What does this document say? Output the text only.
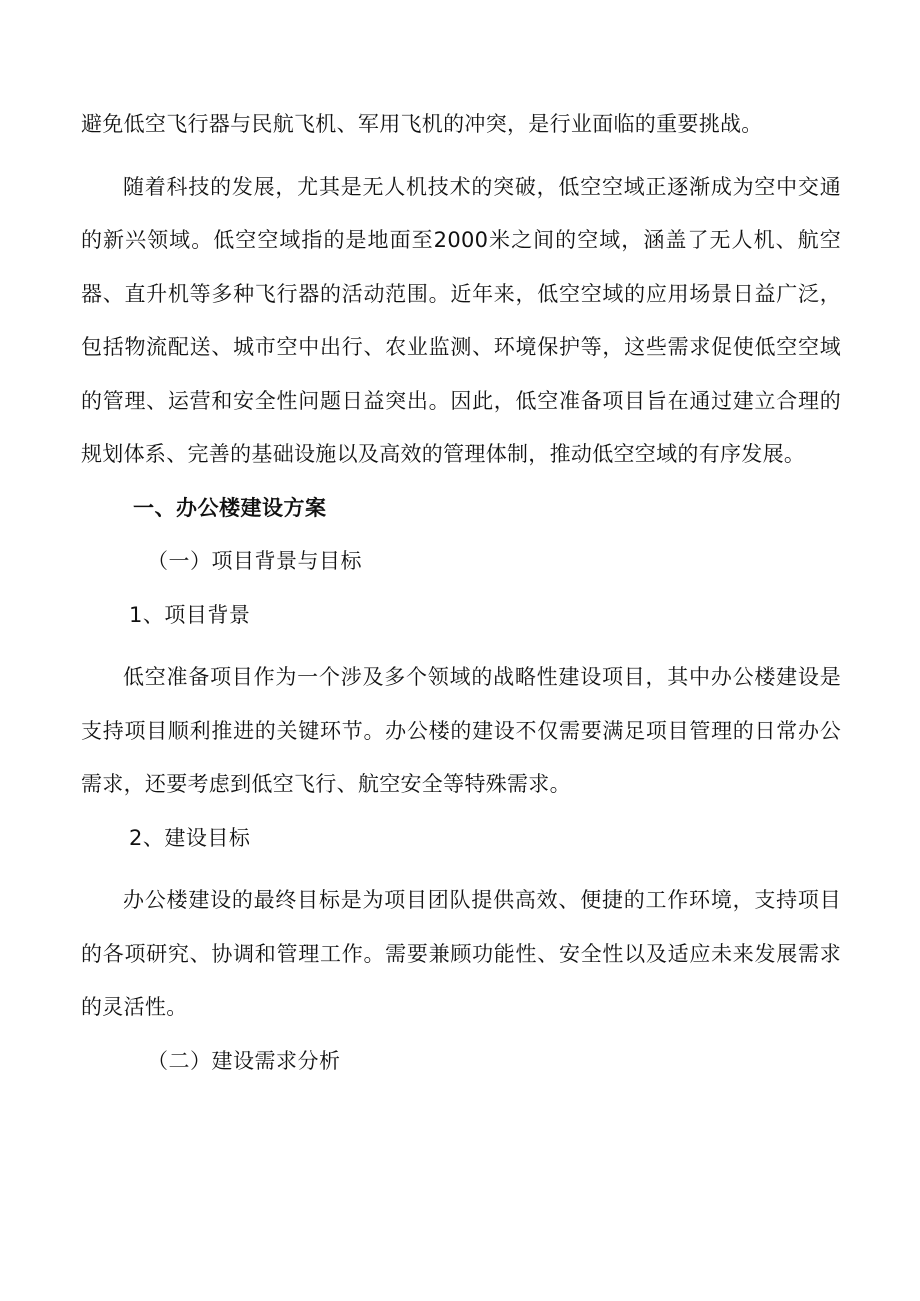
避免低空飞行器与民航飞机、军用飞机的冲突，是行业面临的重要挑战。

随着科技的发展，尤其是无人机技术的突破，低空空域正逐渐成为空中交通的新兴领域。低空空域指的是地面至2000米之间的空域，涵盖了无人机、航空器、直升机等多种飞行器的活动范围。近年来，低空空域的应用场景日益广泛，包括物流配送、城市空中出行、农业监测、环境保护等，这些需求促使低空空域的管理、运营和安全性问题日益突出。因此，低空准备项目旨在通过建立合理的规划体系、完善的基础设施以及高效的管理体制，推动低空空域的有序发展。

一、办公楼建设方案

（一）项目背景与目标

1、项目背景

低空准备项目作为一个涉及多个领域的战略性建设项目，其中办公楼建设是支持项目顺利推进的关键环节。办公楼的建设不仅需要满足项目管理的日常办公需求，还要考虑到低空飞行、航空安全等特殊需求。

2、建设目标

办公楼建设的最终目标是为项目团队提供高效、便捷的工作环境，支持项目的各项研究、协调和管理工作。需要兼顾功能性、安全性以及适应未来发展需求的灵活性。

（二）建设需求分析
